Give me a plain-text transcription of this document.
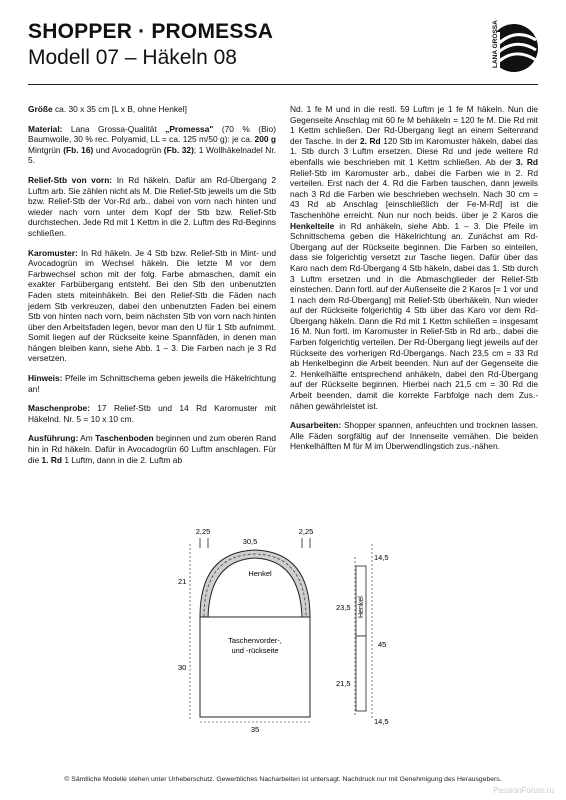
SHOPPER · PROMESSA
Modell 07 – Häkeln 08	LANA GROSSA

Größe ca. 30 x 35 cm [L x B, ohne Henkel]

Material: Lana Grossa-Qualität „Promessa" (70 % (Bio) Baumwolle, 30 % rec. Polyamid, LL = ca. 125 m/50 g): je ca. 200 g Mintgrün (Fb. 16) und Avocadogrün (Fb. 32); 1 Wollhäkelnadel Nr. 5.

Relief-Stb von vorn: In Rd häkeln. Dafür am Rd-Übergang 2 Luftm arb. Sie zählen nicht als M. Die Relief-Stb jeweils um die Stb bzw. Relief-Stb der Vor-Rd arb., dabei von vorn nach hinten und wieder nach vorn unter dem Kopf der Stb bzw. Relief-Stb durchstechen. Jede Rd mit 1 Kettm in die 2. Luftm des Rd-Beginns schließen.

Karomuster: In Rd häkeln. Je 4 Stb bzw. Relief-Stb in Mint- und Avocadogrün im Wechsel häkeln. Die letzte M vor dem Farbwechsel schon mit der folg. Farbe abmaschen, damit ein exakter Farbübergang entsteht. Bei den Stb den unbenutzten Faden stets miteinhäkeln. Bei den Relief-Stb die Fäden nach jedem Stb verkreuzen, dabei den unbenutzten Faden bei einem Stb von hinten nach vorn, beim nächsten Stb von vorn nach hinten über den Arbeitsfaden legen, bevor man den U für 1 Stb aufnimmt. Somit liegen auf der Rückseite keine Spannfäden, in denen man hängen bleiben kann, siehe Abb. 1 – 3. Die Farben nach je 3 Rd versetzen.

Hinweis: Pfeile im Schnittschema geben jeweils die Häkelrichtung an!

Maschenprobe: 17 Relief-Stb und 14 Rd Karomuster mit Häkelnd. Nr. 5 = 10 x 10 cm.

Ausführung: Am Taschenboden beginnen und zum oberen Rand hin in Rd häkeln. Dafür in Avocadogrün 60 Luftm anschlagen. Für die 1. Rd 1 Luftm, dann in die 2. Luftm ab

Nd. 1 fe M und in die restl. 59 Luftm je 1 fe M häkeln. Nun die Gegenseite Anschlag mit 60 fe M behäkeln = 120 fe M. Die Rd mit 1 Kettm schließen. Der Rd-Übergang liegt an einem Seitenrand der Tasche. In der 2. Rd 120 Stb im Karomuster häkeln, dabei das 1. Stb durch 3 Luftm ersetzen. Diese Rd und jede weitere Rd ebenfalls wie beschrieben mit 1 Kettm schließen. Ab der 3. Rd Relief-Stb im Karomuster arb., dabei die Farben wie in 2. Rd verteilen. Erst nach der 4. Rd die Farben tauschen, dann jeweils nach 3 Rd die Farben wie beschrieben wechseln. Nach 30 cm = 43 Rd ab Anschlag [einschließlich der Fe-M-Rd] ist die Taschenhöhe erreicht. Nun nur noch beids. über je 2 Karos die Henkelteile in Rd anhäkeln, siehe Abb. 1 – 3. Die Pfeile im Schnittschema geben die Häkelrichtung an. Zunächst am Rd-Übergang auf der Rückseite beginnen. Die Farben so einteilen, dass sie folgerichtig versetzt zur Tasche liegen. Dafür über das Karo nach dem Rd-Übergang 4 Stb häkeln, dabei das 1. Stb durch 3 Luftm ersetzen und in die Abmaschglieder der Relief-Stb einstechen. Dann fortl. auf der Außenseite die 2 Karos [= 1 vor und 1 nach dem Rd-Übergang] mit Relief-Stb überhäkeln. Nun wieder auf der Rückseite folgerichtig 4 Stb über das Karo vor dem Rd-Übergang häkeln. Dann die Rd mit 1 Kettm schließen = insgesamt 16 M. Nun fortl. im Karomuster in Relief-Stb in Rd arb., dabei die Farben folgerichtig verteilen. Der Rd-Übergang liegt jeweils auf der Rückseite des vorherigen Rd-Übergangs. Nach 23,5 cm = 33 Rd ab Henkelbeginn die Arbeit beenden. Nun auf der Gegenseite die 2. Henkelhälfte entsprechend anhäkeln, dabei den Rd-Übergang auf der Rückseite beginnen. Hierbei nach 21,5 cm = 30 Rd die Arbeit beenden, damit die korrekte Farbfolge nach dem Zus.-nähen gewährleistet ist.

Ausarbeiten: Shopper spannen, anfeuchten und trocknen lassen. Alle Fäden sorgfältig auf der Innenseite vernähen. Die beiden Henkelhälften M für M im Überwendlingstich zus.-nähen.

2,25
30,5
2,25
Henkel
21
30
Taschenvorder-,
und -rückseite
35
14,5
Henkel
23,5
45
21,5
14,5
© Sämtliche Modelle stehen unter Urheberschutz. Gewerbliches Nacharbeiten ist untersagt. Nachdruck nur mit Genehmigung des Herausgebers.
PassionForum.ru
